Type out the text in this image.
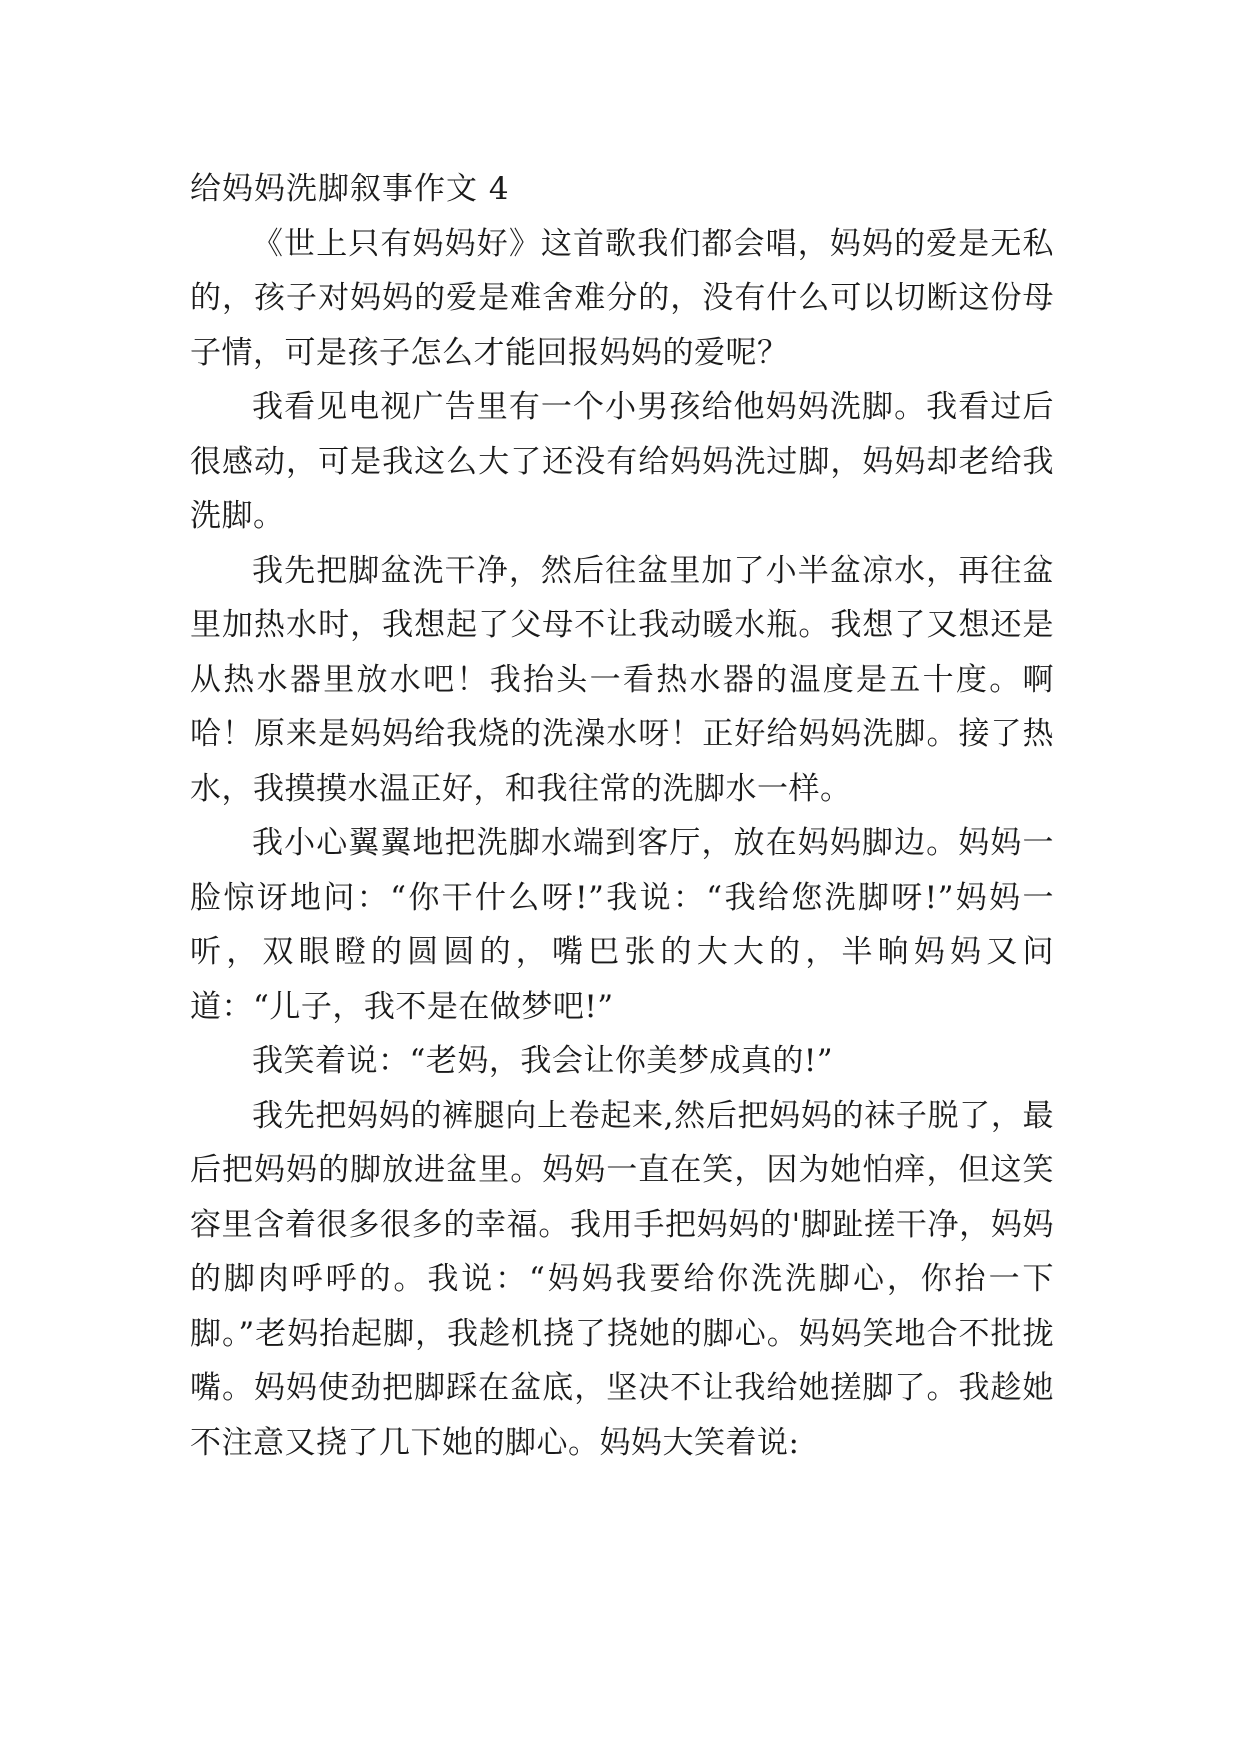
给妈妈洗脚叙事作文 4

《世上只有妈妈好》这首歌我们都会唱，妈妈的爱是无私的，孩子对妈妈的爱是难舍难分的，没有什么可以切断这份母子情，可是孩子怎么才能回报妈妈的爱呢？

我看见电视广告里有一个小男孩给他妈妈洗脚。我看过后很感动，可是我这么大了还没有给妈妈洗过脚，妈妈却老给我洗脚。

我先把脚盆洗干净，然后往盆里加了小半盆凉水，再往盆里加热水时，我想起了父母不让我动暖水瓶。我想了又想还是从热水器里放水吧！我抬头一看热水器的温度是五十度。啊哈！原来是妈妈给我烧的洗澡水呀！正好给妈妈洗脚。接了热水，我摸摸水温正好，和我往常的洗脚水一样。

我小心翼翼地把洗脚水端到客厅，放在妈妈脚边。妈妈一脸惊讶地问：“你干什么呀!”我说：“我给您洗脚呀!”妈妈一听，双眼瞪的圆圆的，嘴巴张的大大的，半晌妈妈又问道：“儿子，我不是在做梦吧!”

我笑着说：“老妈，我会让你美梦成真的!”

我先把妈妈的裤腿向上卷起来,然后把妈妈的袜子脱了，最后把妈妈的脚放进盆里。妈妈一直在笑，因为她怕痒，但这笑容里含着很多很多的幸福。我用手把妈妈的'脚趾搓干净，妈妈的脚肉呼呼的。我说：“妈妈我要给你洗洗脚心，你抬一下脚。”老妈抬起脚，我趁机挠了挠她的脚心。妈妈笑地合不批拢嘴。妈妈使劲把脚踩在盆底，坚决不让我给她搓脚了。我趁她不注意又挠了几下她的脚心。妈妈大笑着说:
